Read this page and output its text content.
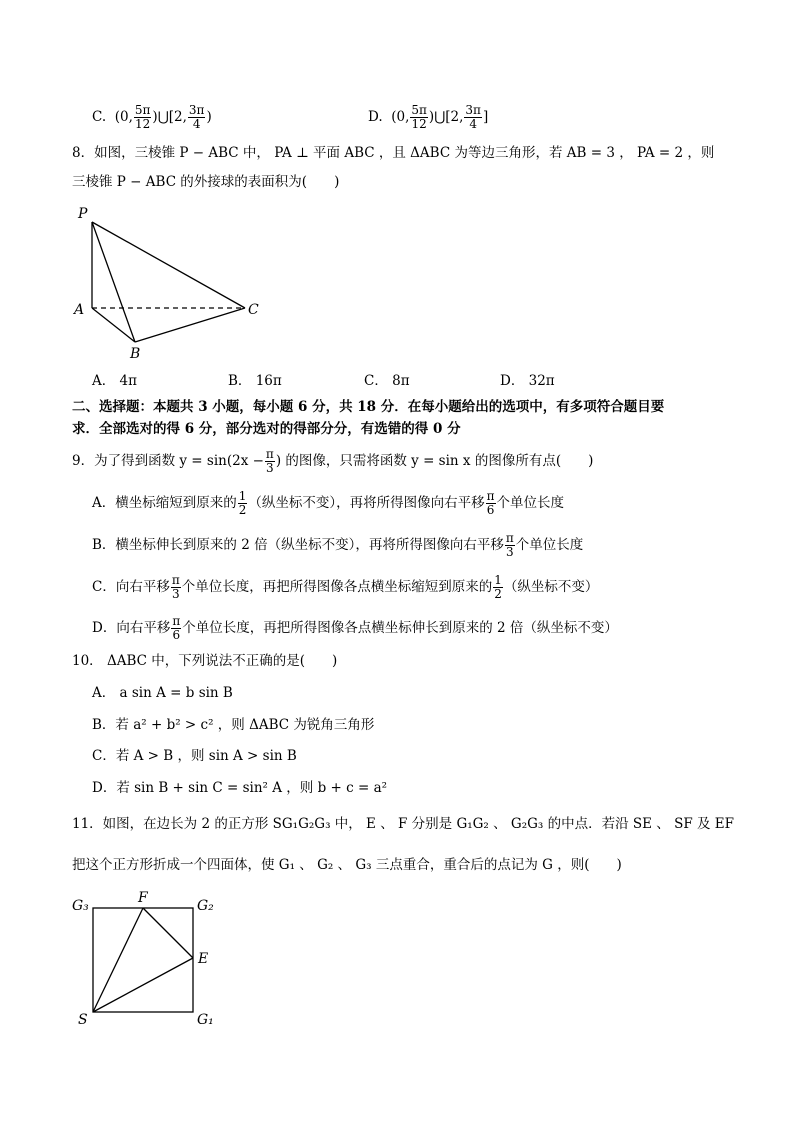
C. (0, $\frac{5\pi}{12}$ )⋃[2, $\frac{3\pi}{4}$ )	D. (0, $\frac{5\pi}{12}$ )⋃[2, $\frac{3\pi}{4}$ ]
8．如图，三棱锥 P − ABC 中， PA ⊥ 平面 ABC ，且 ΔABC 为等边三角形，若 AB = 3 ， PA = 2 ，则
三棱锥 P − ABC 的外接球的表面积为(　　)
P
A
B
C
A． 4π	B． 16π	C． 8π	D． 32π
二、选择题：本题共 3 小题，每小题 6 分，共 18 分．在每小题给出的选项中，有多项符合题目要
求．全部选对的得 6 分，部分选对的得部分分，有选错的得 0 分
9．为了得到函数 $y = \sin(2x - \frac{\pi}{3}$ ) 的图像，只需将函数 y = sin x 的图像所有点(　　)
A．横坐标缩短到原来的 $\frac{1}{2}$ （纵坐标不变），再将所得图像向右平移 $\frac{\pi}{6}$ 个单位长度
B．横坐标伸长到原来的 2 倍（纵坐标不变），再将所得图像向右平移 $\frac{\pi}{3}$ 个单位长度
C．向右平移 $\frac{\pi}{3}$ 个单位长度，再把所得图像各点横坐标缩短到原来的 $\frac{1}{2}$ （纵坐标不变）
D．向右平移 $\frac{\pi}{6}$ 个单位长度，再把所得图像各点横坐标伸长到原来的 2 倍（纵坐标不变）
10． ΔABC 中，下列说法不正确的是(　　)
A． a sin A = b sin B
B．若 a² + b² > c² ，则 ΔABC 为锐角三角形
C．若 A > B ，则 sin A > sin B
D．若 sin B + sin C = sin² A ，则 b + c = a²
11．如图，在边长为 2 的正方形 SG₁G₂G₃ 中， E 、 F 分别是 G₁G₂ 、 G₂G₃ 的中点．若沿 SE 、 SF 及 EF
把这个正方形折成一个四面体，使 G₁ 、 G₂ 、 G₃ 三点重合，重合后的点记为 G ，则(　　)
G₃	F	G₂
E
S	G₁
